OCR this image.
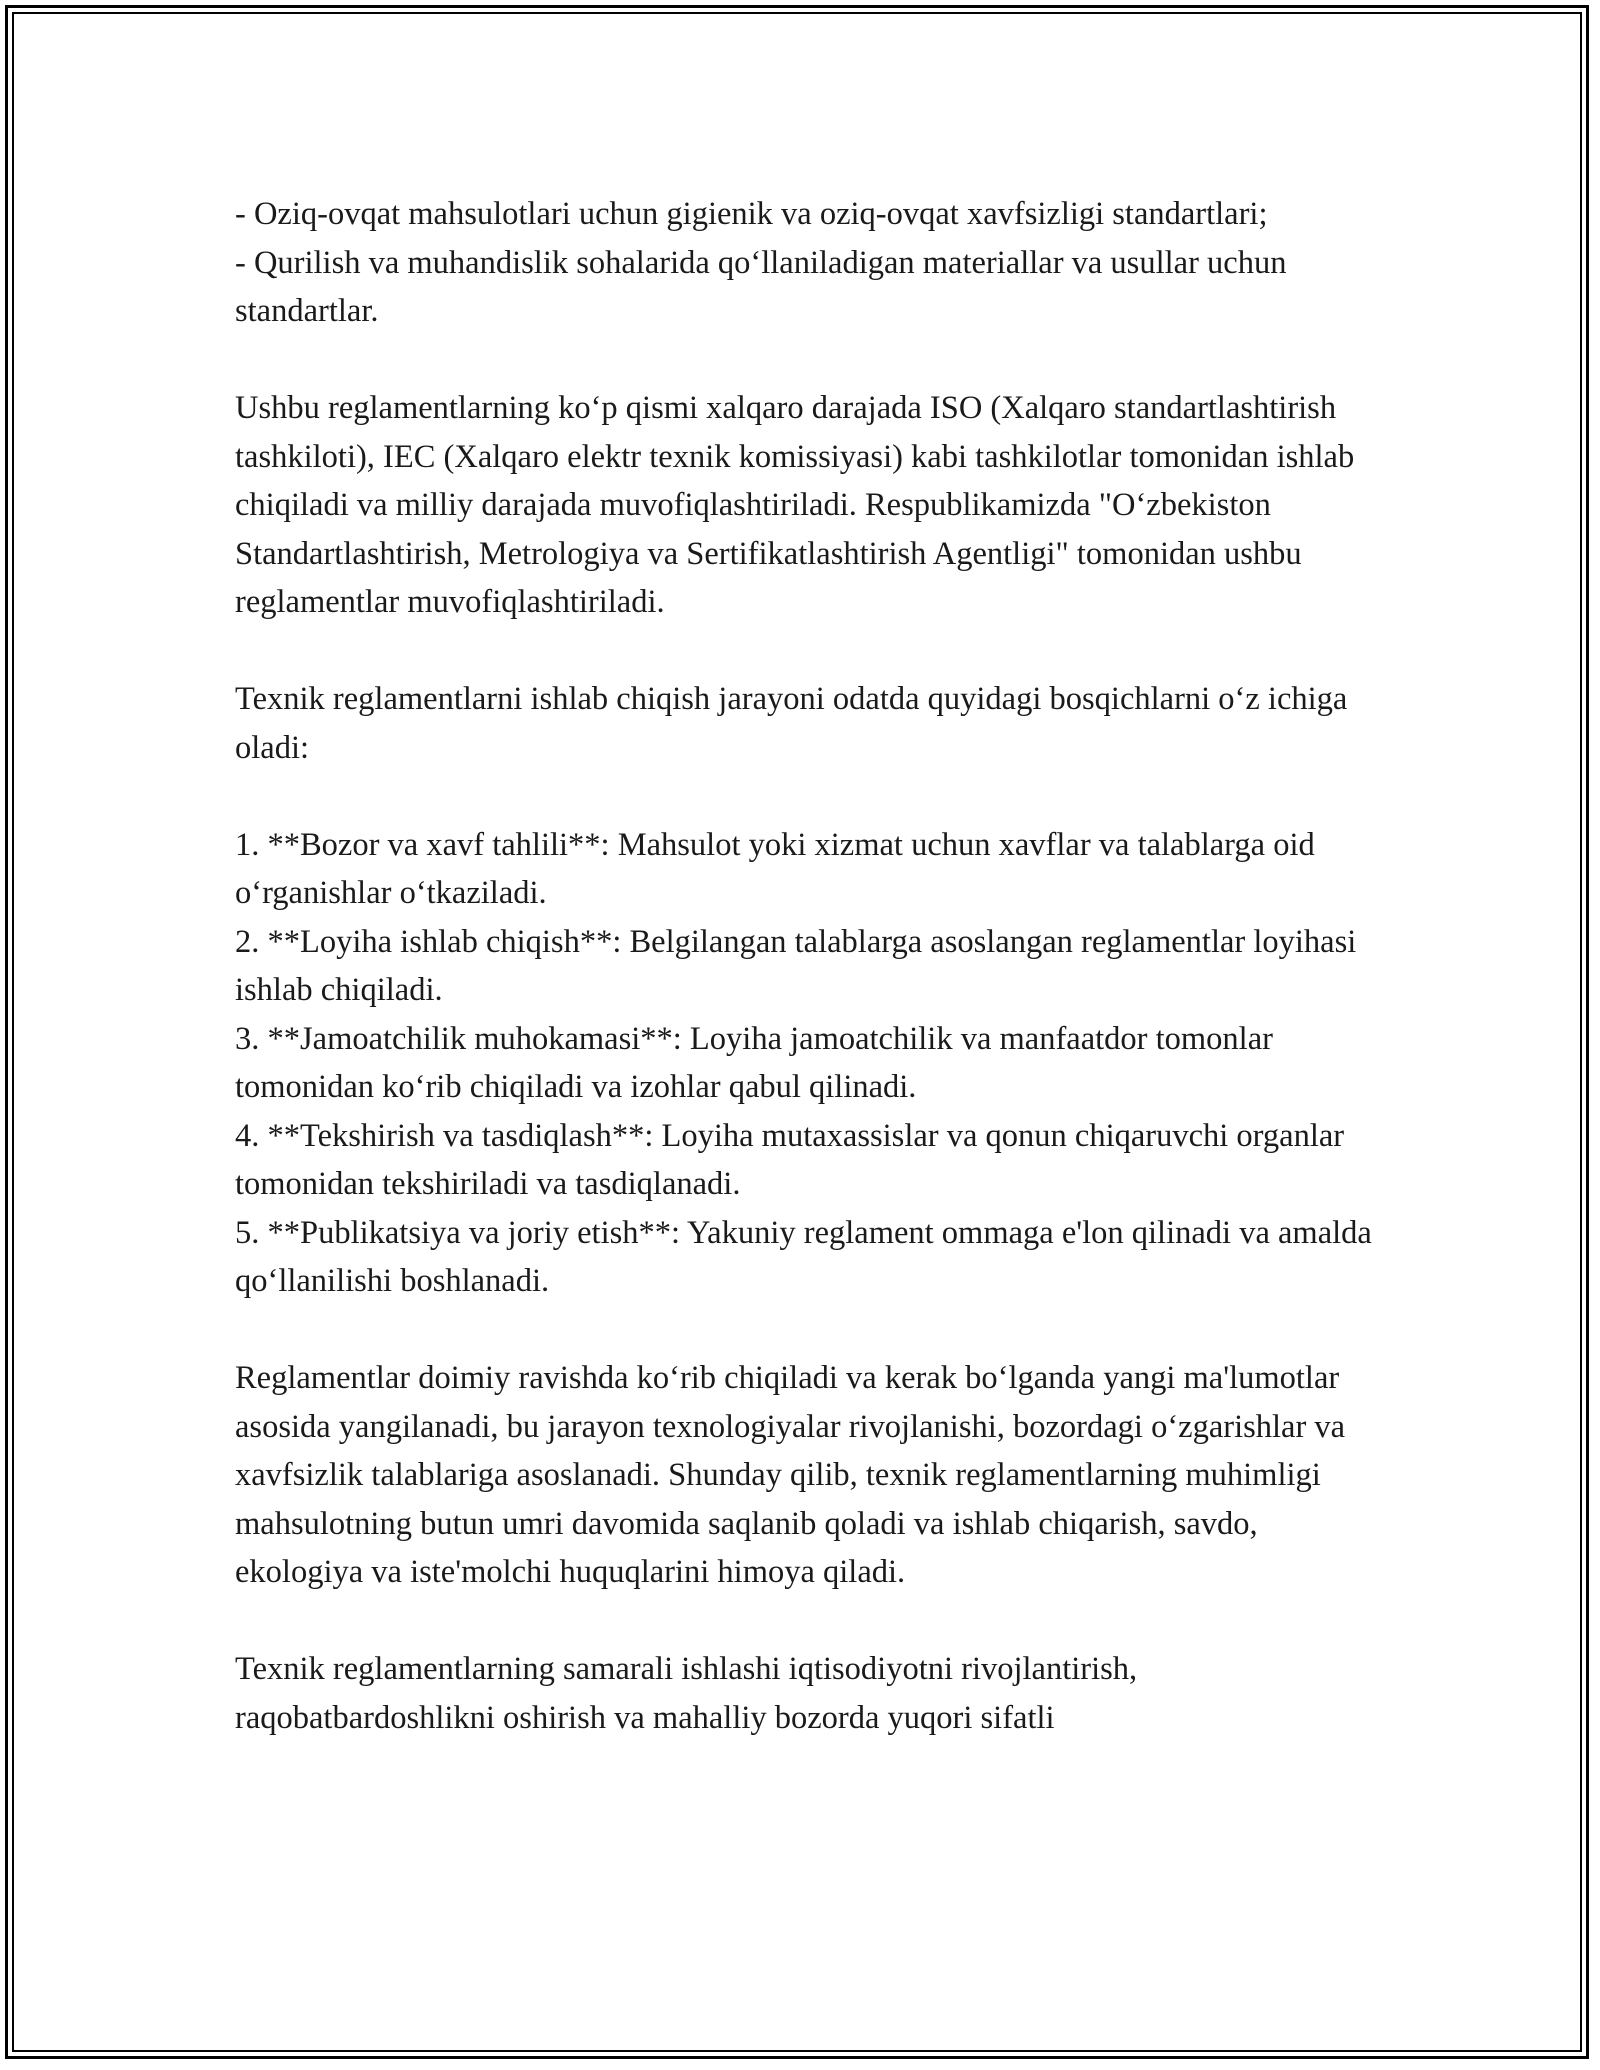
- Oziq-ovqat mahsulotlari uchun gigienik va oziq-ovqat xavfsizligi standartlari;

- Qurilish va muhandislik sohalarida qo‘llaniladigan materiallar va usullar uchun standartlar.

Ushbu reglamentlarning ko‘p qismi xalqaro darajada ISO (Xalqaro standartlashtirish tashkiloti), IEC (Xalqaro elektr texnik komissiyasi) kabi tashkilotlar tomonidan ishlab chiqiladi va milliy darajada muvofiqlashtiriladi. Respublikamizda "O‘zbekiston Standartlashtirish, Metrologiya va Sertifikatlashtirish Agentligi" tomonidan ushbu reglamentlar muvofiqlashtiriladi.

Texnik reglamentlarni ishlab chiqish jarayoni odatda quyidagi bosqichlarni o‘z ichiga oladi:

1. **Bozor va xavf tahlili**: Mahsulot yoki xizmat uchun xavflar va talablarga oid o‘rganishlar o‘tkaziladi.

2. **Loyiha ishlab chiqish**: Belgilangan talablarga asoslangan reglamentlar loyihasi ishlab chiqiladi.

3. **Jamoatchilik muhokamasi**: Loyiha jamoatchilik va manfaatdor tomonlar tomonidan ko‘rib chiqiladi va izohlar qabul qilinadi.

4. **Tekshirish va tasdiqlash**: Loyiha mutaxassislar va qonun chiqaruvchi organlar tomonidan tekshiriladi va tasdiqlanadi.

5. **Publikatsiya va joriy etish**: Yakuniy reglament ommaga e'lon qilinadi va amalda qo‘llanilishi boshlanadi.

Reglamentlar doimiy ravishda ko‘rib chiqiladi va kerak bo‘lganda yangi ma'lumotlar asosida yangilanadi, bu jarayon texnologiyalar rivojlanishi, bozordagi o‘zgarishlar va xavfsizlik talablariga asoslanadi. Shunday qilib, texnik reglamentlarning muhimligi mahsulotning butun umri davomida saqlanib qoladi va ishlab chiqarish, savdo, ekologiya va iste'molchi huquqlarini himoya qiladi.

Texnik reglamentlarning samarali ishlashi iqtisodiyotni rivojlantirish, raqobatbardoshlikni oshirish va mahalliy bozorda yuqori sifatli
